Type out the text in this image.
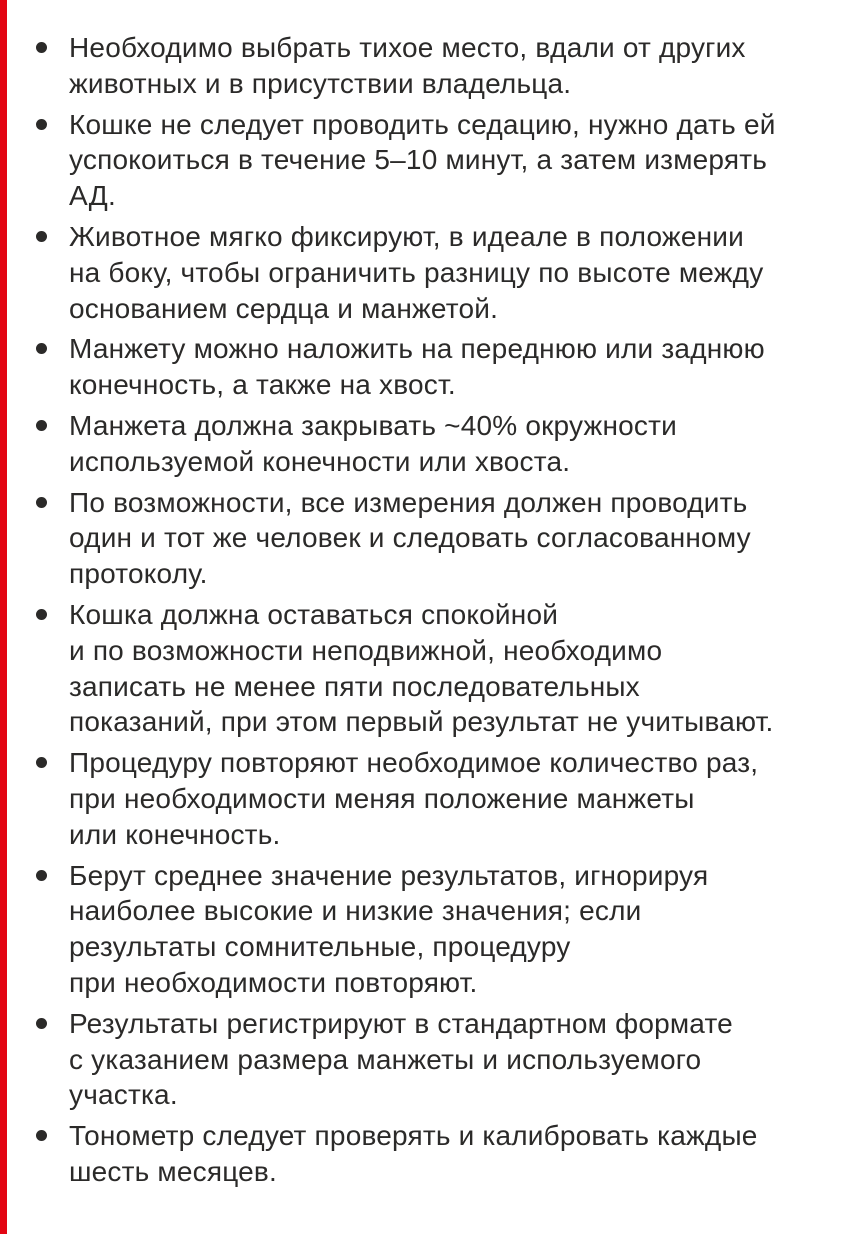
Необходимо выбрать тихое место, вдали от других
животных и в присутствии владельца.
Кошке не следует проводить седацию, нужно дать ей
успокоиться в течение 5–10 минут, а затем измерять
АД.
Животное мягко фиксируют, в идеале в положении
на боку, чтобы ограничить разницу по высоте между
основанием сердца и манжетой.
Манжету можно наложить на переднюю или заднюю
конечность, а также на хвост.
Манжета должна закрывать ~40% окружности
используемой конечности или хвоста.
По возможности, все измерения должен проводить
один и тот же человек и следовать согласованному
протоколу.
Кошка должна оставаться спокойной
и по возможности неподвижной, необходимо
записать не менее пяти последовательных
показаний, при этом первый результат не учитывают.
Процедуру повторяют необходимое количество раз,
при необходимости меняя положение манжеты
или конечность.
Берут среднее значение результатов, игнорируя
наиболее высокие и низкие значения; если
результаты сомнительные, процедуру
при необходимости повторяют.
Результаты регистрируют в стандартном формате
с указанием размера манжеты и используемого
участка.
Тонометр следует проверять и калибровать каждые
шесть месяцев.
